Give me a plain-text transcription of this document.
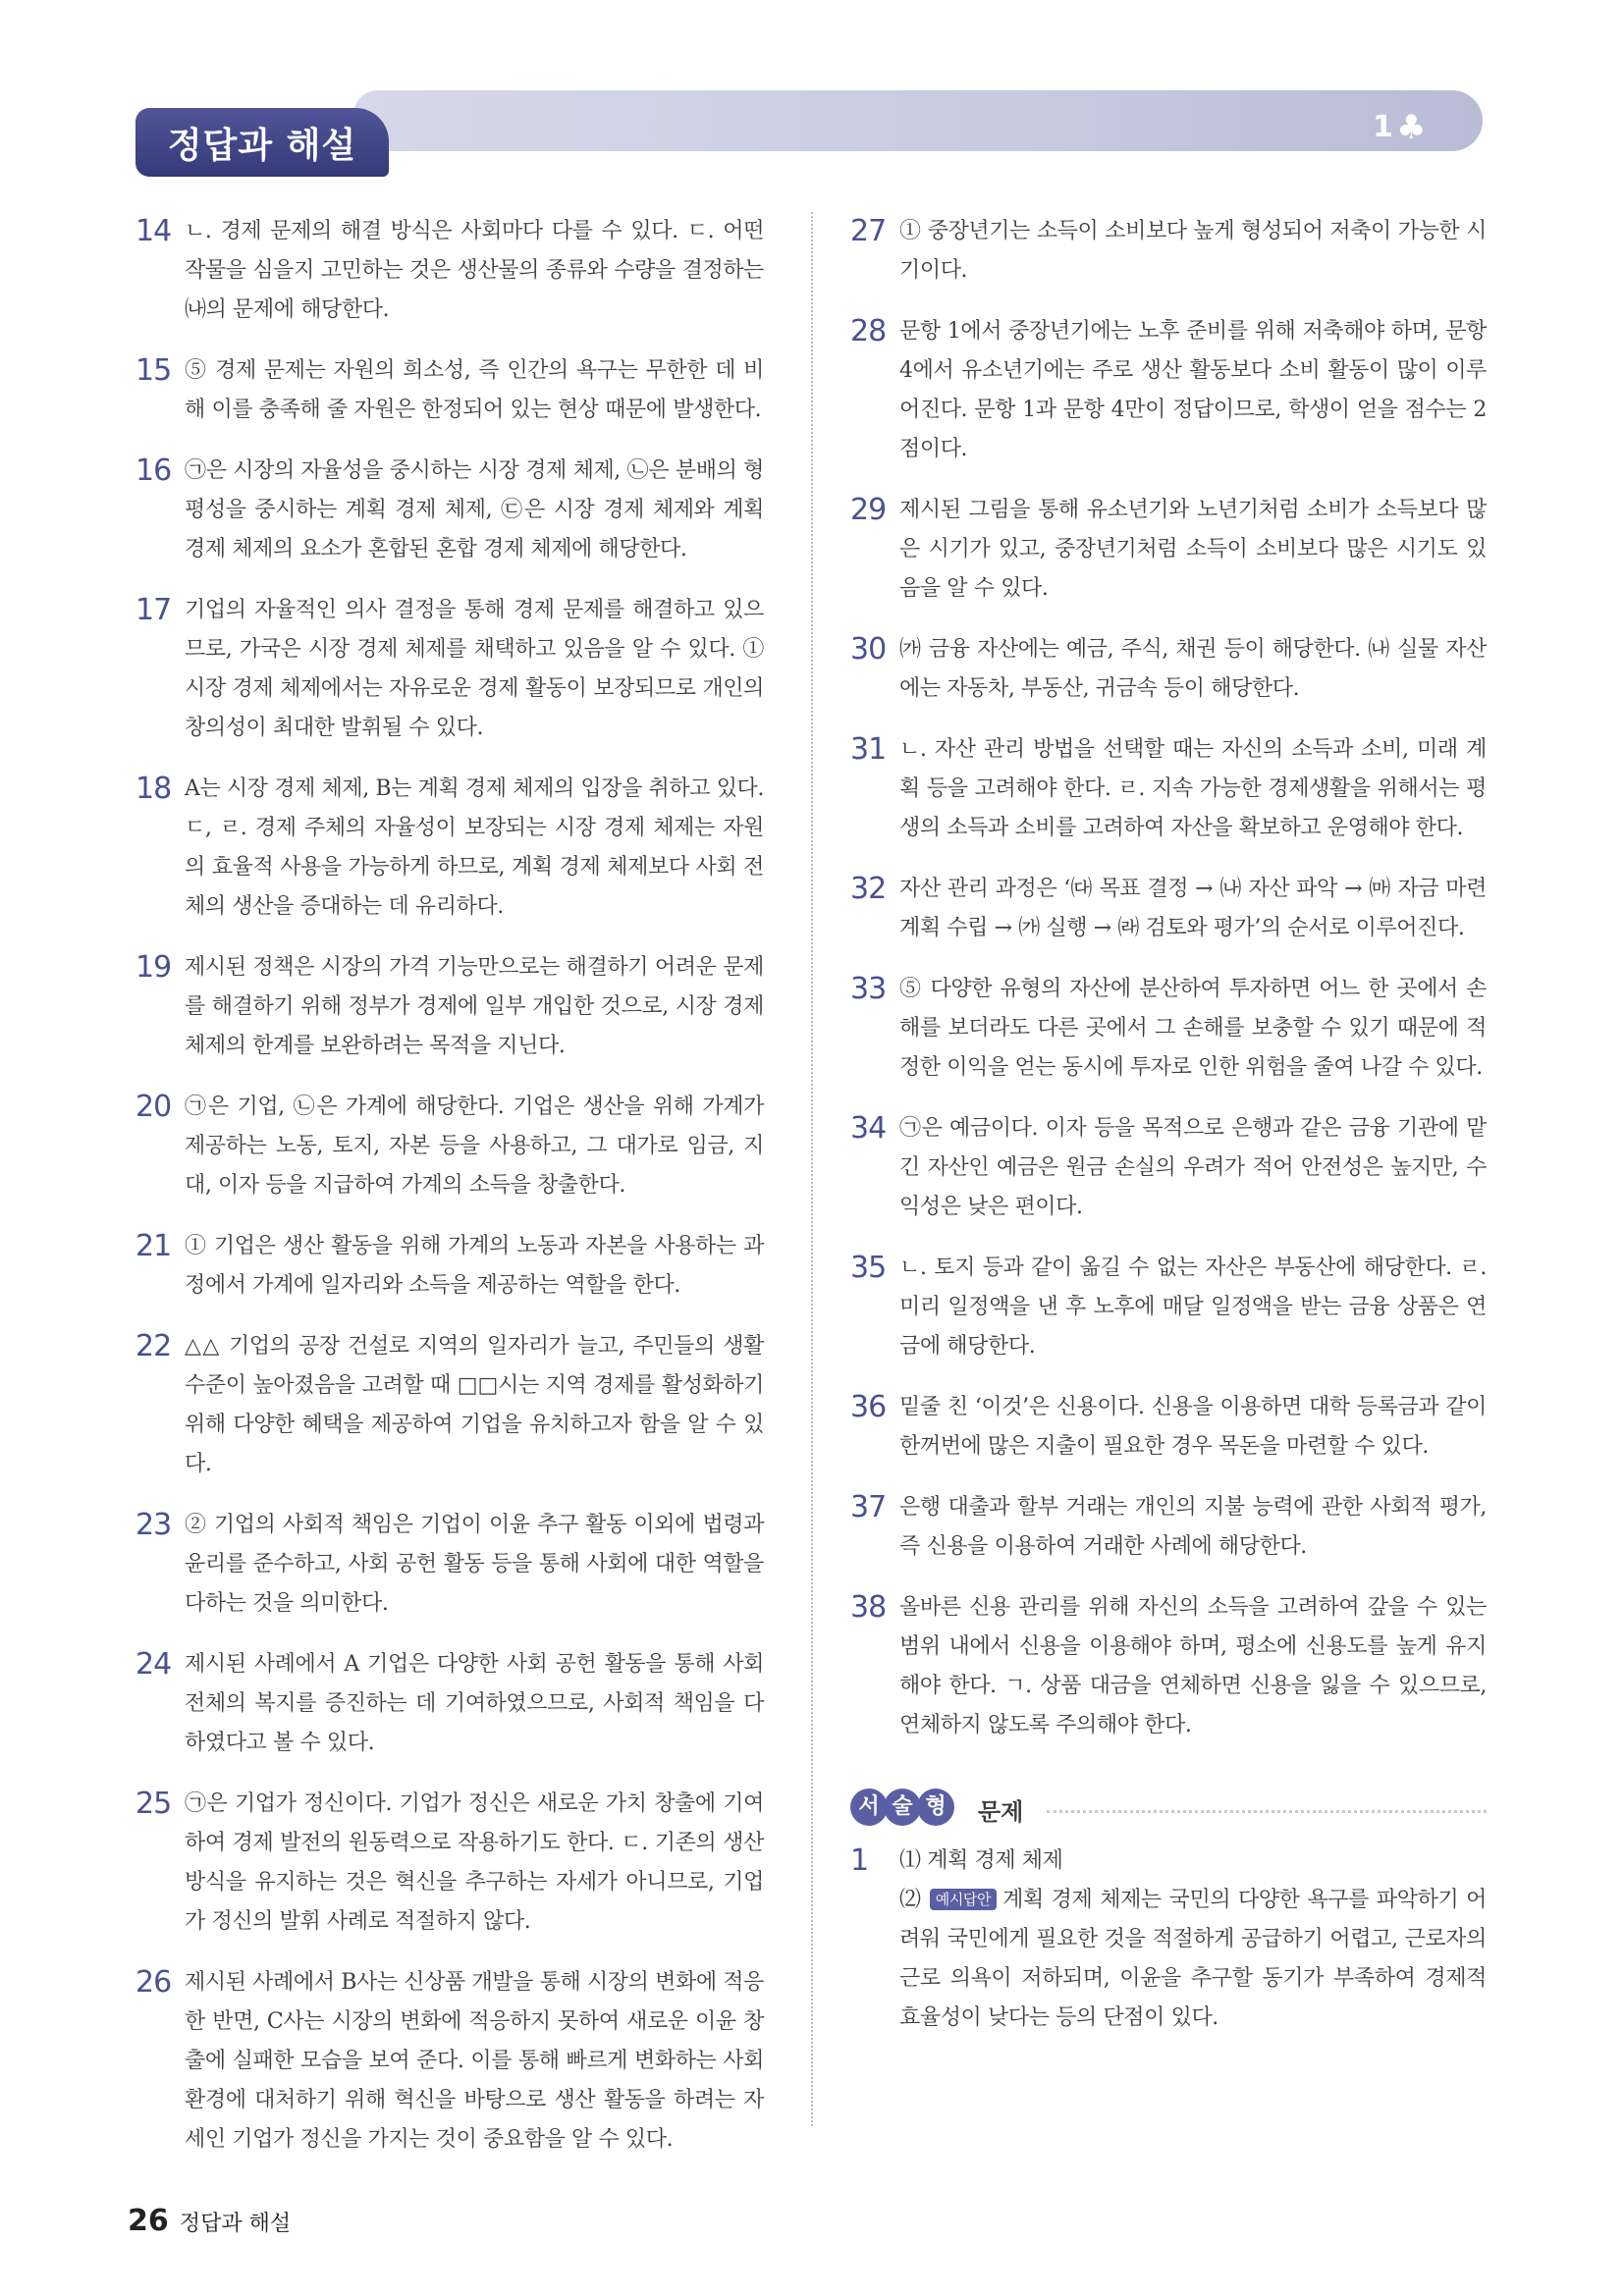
정답과 해설	1 ♣
14 ㄴ. 경제 문제의 해결 방식은 사회마다 다를 수 있다. ㄷ. 어떤 작물을 심을지 고민하는 것은 생산물의 종류와 수량을 결정하는 ㈏의 문제에 해당한다.
15 ⑤ 경제 문제는 자원의 희소성, 즉 인간의 욕구는 무한한 데 비해 이를 충족해 줄 자원은 한정되어 있는 현상 때문에 발생한다.
16 ㉠은 시장의 자율성을 중시하는 시장 경제 체제, ㉡은 분배의 형평성을 중시하는 계획 경제 체제, ㉢은 시장 경제 체제와 계획 경제 체제의 요소가 혼합된 혼합 경제 체제에 해당한다.
17 기업의 자율적인 의사 결정을 통해 경제 문제를 해결하고 있으므로, 가국은 시장 경제 체제를 채택하고 있음을 알 수 있다. ① 시장 경제 체제에서는 자유로운 경제 활동이 보장되므로 개인의 창의성이 최대한 발휘될 수 있다.
18 A는 시장 경제 체제, B는 계획 경제 체제의 입장을 취하고 있다. ㄷ, ㄹ. 경제 주체의 자율성이 보장되는 시장 경제 체제는 자원의 효율적 사용을 가능하게 하므로, 계획 경제 체제보다 사회 전체의 생산을 증대하는 데 유리하다.
19 제시된 정책은 시장의 가격 기능만으로는 해결하기 어려운 문제를 해결하기 위해 정부가 경제에 일부 개입한 것으로, 시장 경제 체제의 한계를 보완하려는 목적을 지닌다.
20 ㉠은 기업, ㉡은 가계에 해당한다. 기업은 생산을 위해 가계가 제공하는 노동, 토지, 자본 등을 사용하고, 그 대가로 임금, 지대, 이자 등을 지급하여 가계의 소득을 창출한다.
21 ① 기업은 생산 활동을 위해 가계의 노동과 자본을 사용하는 과정에서 가계에 일자리와 소득을 제공하는 역할을 한다.
22 △△ 기업의 공장 건설로 지역의 일자리가 늘고, 주민들의 생활 수준이 높아졌음을 고려할 때 □□시는 지역 경제를 활성화하기 위해 다양한 혜택을 제공하여 기업을 유치하고자 함을 알 수 있다.
23 ② 기업의 사회적 책임은 기업이 이윤 추구 활동 이외에 법령과 윤리를 준수하고, 사회 공헌 활동 등을 통해 사회에 대한 역할을 다하는 것을 의미한다.
24 제시된 사례에서 A 기업은 다양한 사회 공헌 활동을 통해 사회 전체의 복지를 증진하는 데 기여하였으므로, 사회적 책임을 다하였다고 볼 수 있다.
25 ㉠은 기업가 정신이다. 기업가 정신은 새로운 가치 창출에 기여하여 경제 발전의 원동력으로 작용하기도 한다. ㄷ. 기존의 생산 방식을 유지하는 것은 혁신을 추구하는 자세가 아니므로, 기업가 정신의 발휘 사례로 적절하지 않다.
26 제시된 사례에서 B사는 신상품 개발을 통해 시장의 변화에 적응한 반면, C사는 시장의 변화에 적응하지 못하여 새로운 이윤 창출에 실패한 모습을 보여 준다. 이를 통해 빠르게 변화하는 사회 환경에 대처하기 위해 혁신을 바탕으로 생산 활동을 하려는 자세인 기업가 정신을 가지는 것이 중요함을 알 수 있다.
27 ① 중장년기는 소득이 소비보다 높게 형성되어 저축이 가능한 시기이다.
28 문항 1에서 중장년기에는 노후 준비를 위해 저축해야 하며, 문항 4에서 유소년기에는 주로 생산 활동보다 소비 활동이 많이 이루어진다. 문항 1과 문항 4만이 정답이므로, 학생이 얻을 점수는 2점이다.
29 제시된 그림을 통해 유소년기와 노년기처럼 소비가 소득보다 많은 시기가 있고, 중장년기처럼 소득이 소비보다 많은 시기도 있음을 알 수 있다.
30 ㈎ 금융 자산에는 예금, 주식, 채권 등이 해당한다. ㈏ 실물 자산에는 자동차, 부동산, 귀금속 등이 해당한다.
31 ㄴ. 자산 관리 방법을 선택할 때는 자신의 소득과 소비, 미래 계획 등을 고려해야 한다. ㄹ. 지속 가능한 경제생활을 위해서는 평생의 소득과 소비를 고려하여 자산을 확보하고 운영해야 한다.
32 자산 관리 과정은 ‘㈐ 목표 결정 → ㈏ 자산 파악 → ㈒ 자금 마련 계획 수립 → ㈎ 실행 → ㈑ 검토와 평가’의 순서로 이루어진다.
33 ⑤ 다양한 유형의 자산에 분산하여 투자하면 어느 한 곳에서 손해를 보더라도 다른 곳에서 그 손해를 보충할 수 있기 때문에 적정한 이익을 얻는 동시에 투자로 인한 위험을 줄여 나갈 수 있다.
34 ㉠은 예금이다. 이자 등을 목적으로 은행과 같은 금융 기관에 맡긴 자산인 예금은 원금 손실의 우려가 적어 안전성은 높지만, 수익성은 낮은 편이다.
35 ㄴ. 토지 등과 같이 옮길 수 없는 자산은 부동산에 해당한다. ㄹ. 미리 일정액을 낸 후 노후에 매달 일정액을 받는 금융 상품은 연금에 해당한다.
36 밑줄 친 ‘이것’은 신용이다. 신용을 이용하면 대학 등록금과 같이 한꺼번에 많은 지출이 필요한 경우 목돈을 마련할 수 있다.
37 은행 대출과 할부 거래는 개인의 지불 능력에 관한 사회적 평가, 즉 신용을 이용하여 거래한 사례에 해당한다.
38 올바른 신용 관리를 위해 자신의 소득을 고려하여 갚을 수 있는 범위 내에서 신용을 이용해야 하며, 평소에 신용도를 높게 유지해야 한다. ㄱ. 상품 대금을 연체하면 신용을 잃을 수 있으므로, 연체하지 않도록 주의해야 한다.
서 술 형	문제
1 ⑴ 계획 경제 체제
⑵ 예시답안 계획 경제 체제는 국민의 다양한 욕구를 파악하기 어려워 국민에게 필요한 것을 적절하게 공급하기 어렵고, 근로자의 근로 의욕이 저하되며, 이윤을 추구할 동기가 부족하여 경제적 효율성이 낮다는 등의 단점이 있다.
26 정답과 해설
